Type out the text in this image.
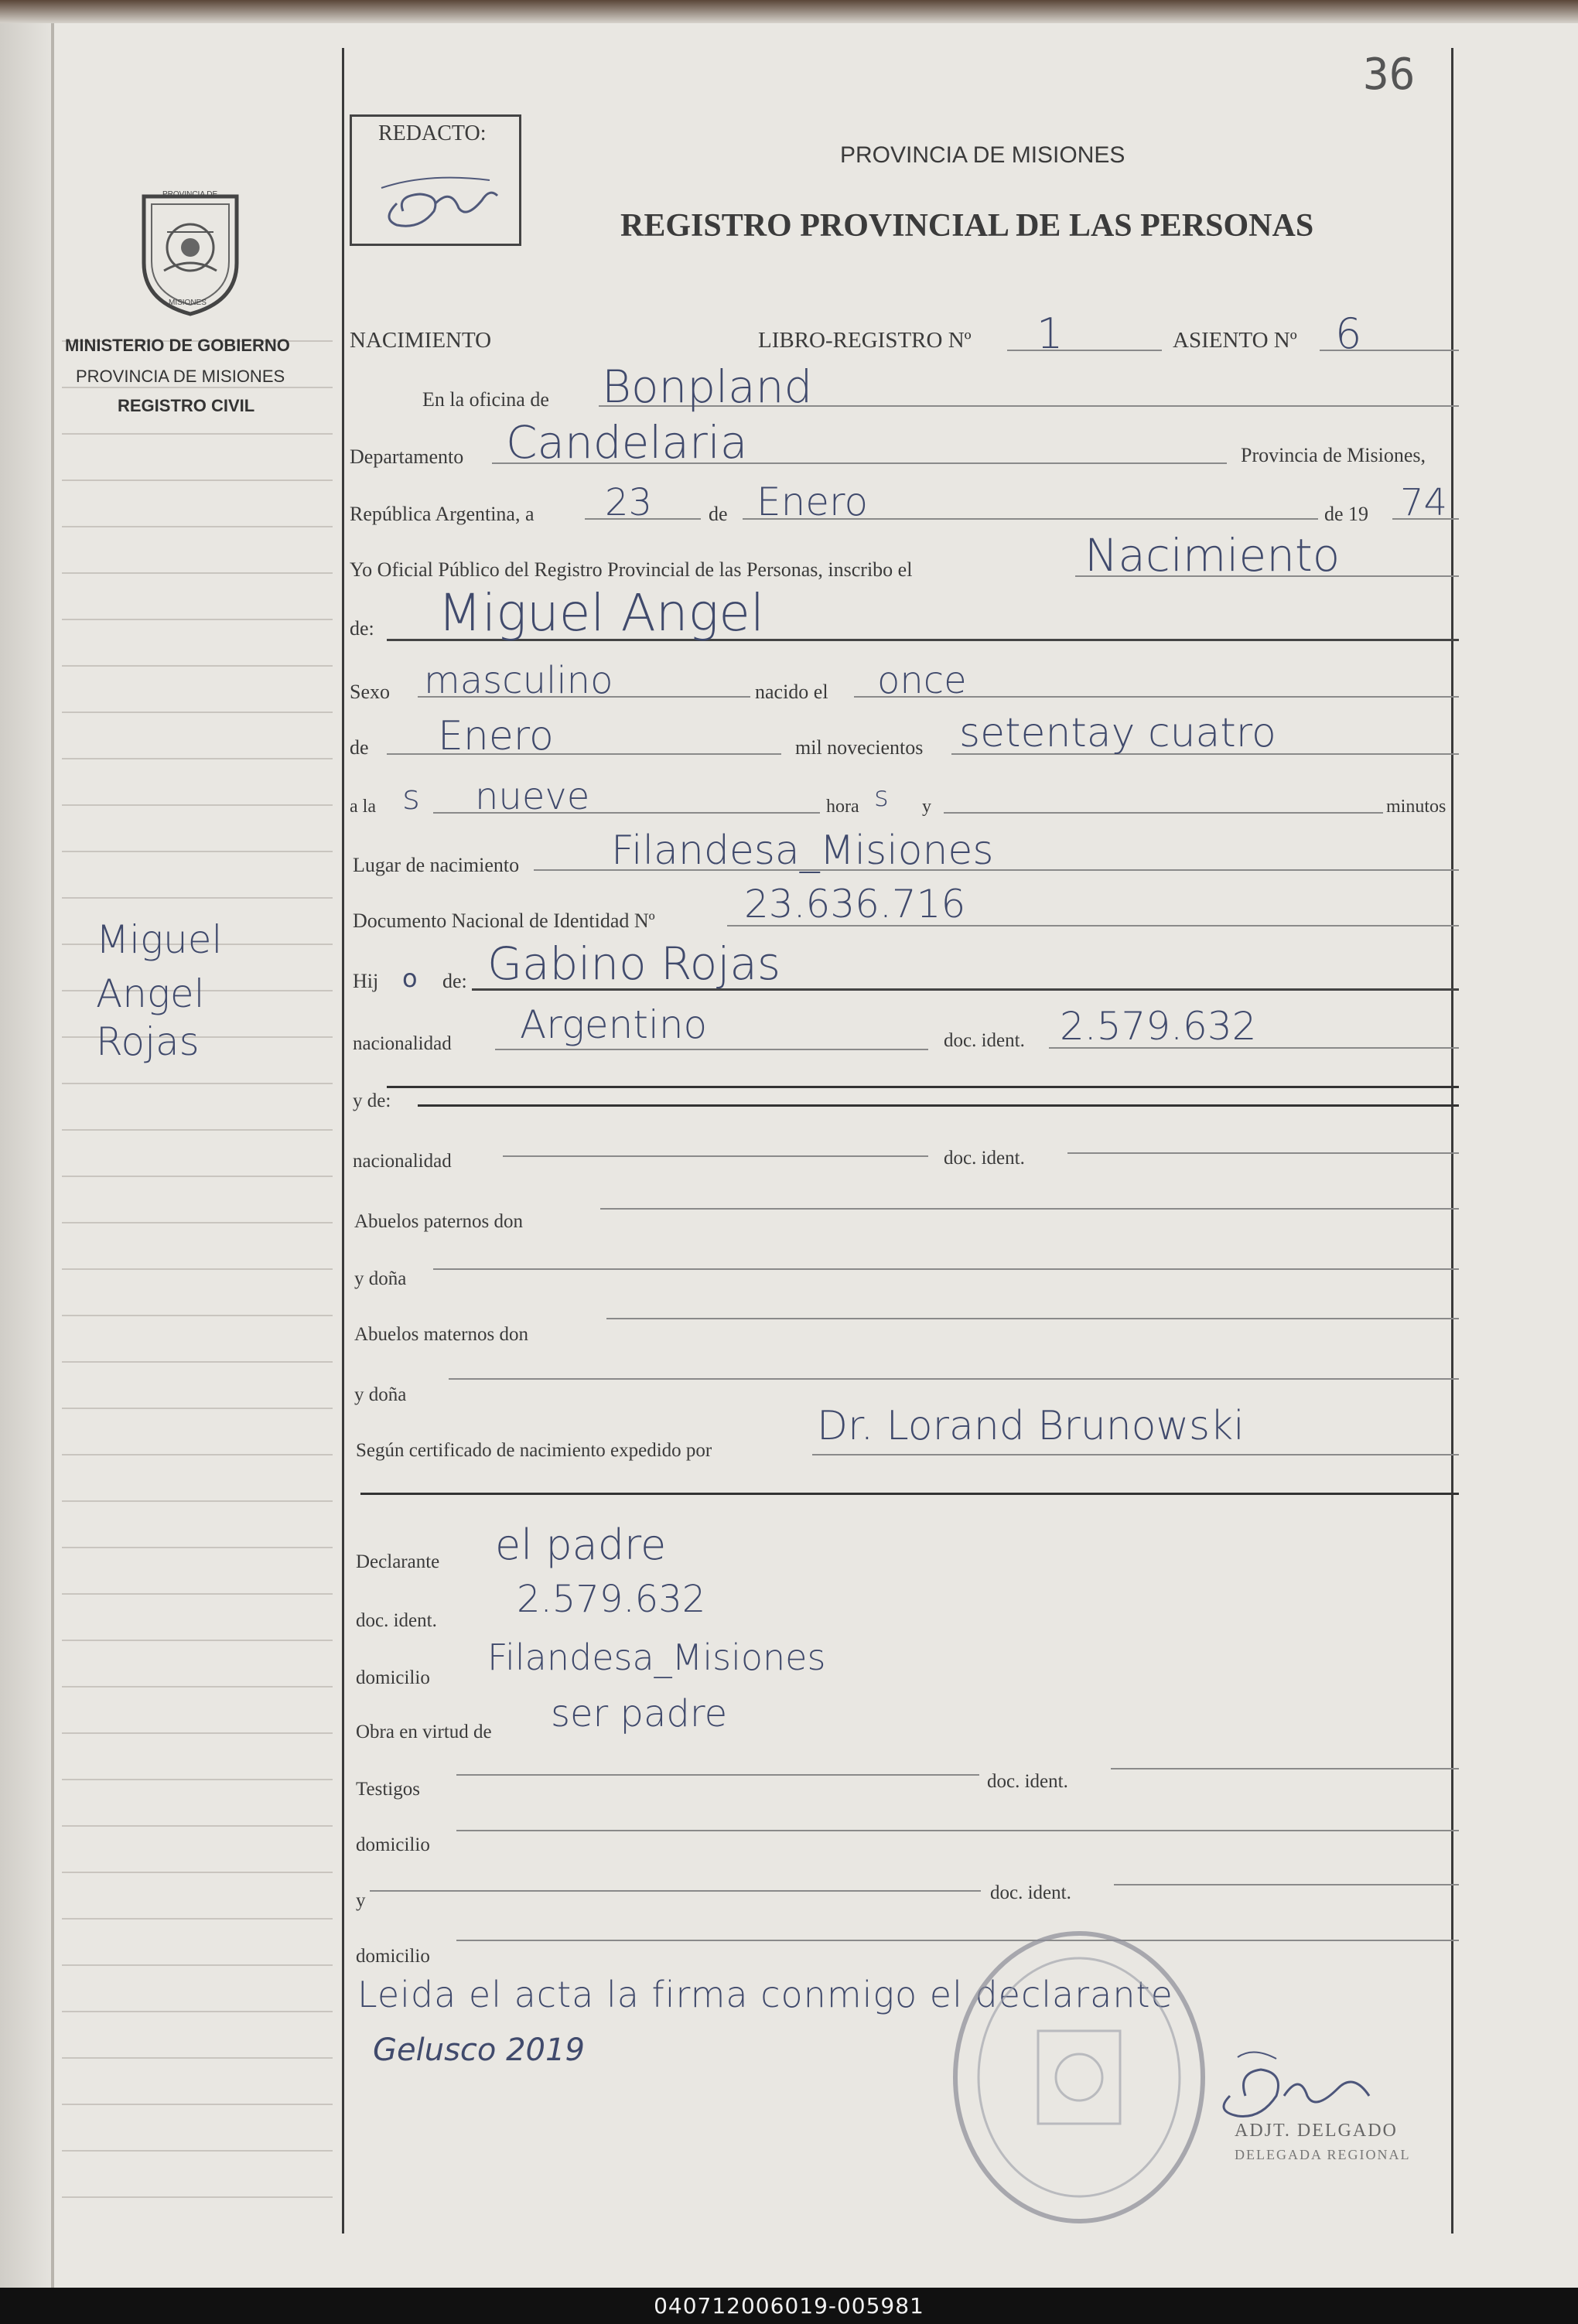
PROVINCIA DE
MISIONES
MINISTERIO DE GOBIERNO
PROVINCIA DE MISIONES
REGISTRO CIVIL
Miguel
Angel
Rojas
36
REDACTO:
PROVINCIA DE MISIONES
REGISTRO PROVINCIAL DE LAS PERSONAS
NACIMIENTO	LIBRO-REGISTRO Nº 1	ASIENTO Nº 6
En la oficina de Bonpland
Departamento Candelaria	Provincia de Misiones,
República Argentina, a 23	de Enero	de 19 74
Yo Oficial Público del Registro Provincial de las Personas, inscribo el	Nacimiento
de: Miguel Angel
Sexo masculino	nacido el once
de Enero	mil novecientos setentay cuatro
a la s nueve	hora s y	minutos
Lugar de nacimiento Filandesa_Misiones
Documento Nacional de Identidad Nº 23.636.716
Hij o de: Gabino Rojas
nacionalidad Argentino	doc. ident. 2.579.632
y de:
nacionalidad	doc. ident.
Abuelos paternos don
y doña
Abuelos maternos don
y doña
Según certificado de nacimiento expedido por
Dr. Lorand Brunowski
Declarante el padre
doc. ident. 2.579.632
domicilio Filandesa_Misiones
Obra en virtud de ser padre
Testigos	doc. ident.
domicilio
y	doc. ident.
domicilio
Leida el acta la firma conmigo el declarante
Gelusco 2019
ADJT. DELGADO
DELEGADA REGIONAL
040712006019-005981
